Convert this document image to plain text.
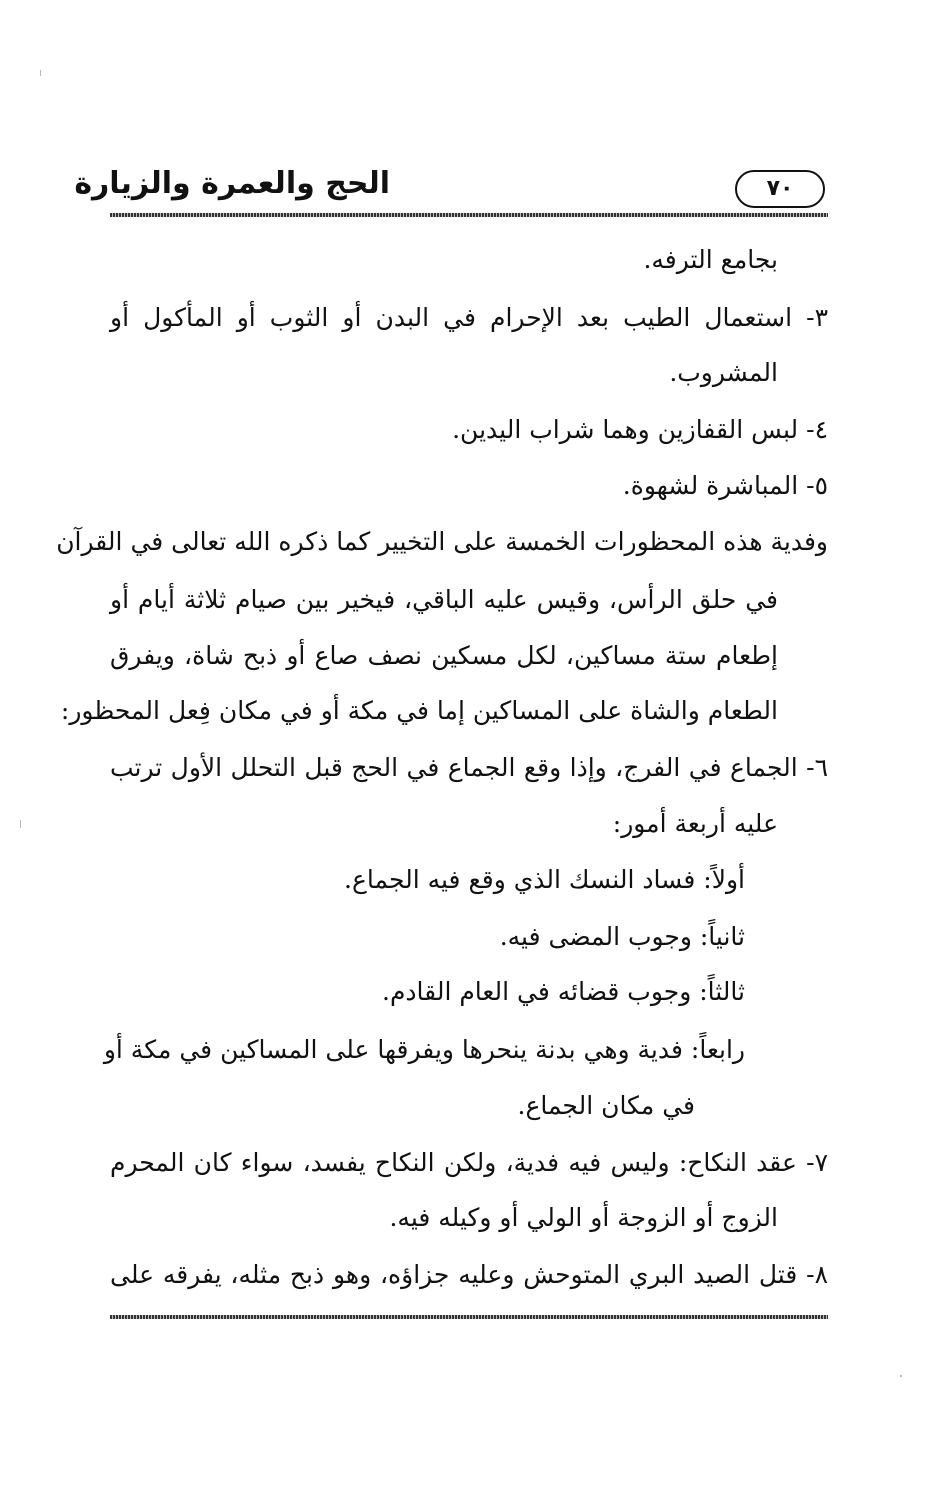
الحج والعمرة والزيارة	٧٠
بجامع الترفه.
٣- استعمال الطيب بعد الإحرام في البدن أو الثوب أو المأكول أو
المشروب.
٤- لبس القفازين وهما شراب اليدين.
٥- المباشرة لشهوة.
وفدية هذه المحظورات الخمسة على التخيير كما ذكره الله تعالى في القرآن
في حلق الرأس، وقيس عليه الباقي، فيخير بين صيام ثلاثة أيام أو
إطعام ستة مساكين، لكل مسكين نصف صاع أو ذبح شاة، ويفرق
الطعام والشاة على المساكين إما في مكة أو في مكان فِعل المحظور:
٦- الجماع في الفرج، وإذا وقع الجماع في الحج قبل التحلل الأول ترتب
عليه أربعة أمور:
أولاً: فساد النسك الذي وقع فيه الجماع.
ثانياً: وجوب المضى فيه.
ثالثاً: وجوب قضائه في العام القادم.
رابعاً: فدية وهي بدنة ينحرها ويفرقها على المساكين في مكة أو
في مكان الجماع.
٧- عقد النكاح: وليس فيه فدية، ولكن النكاح يفسد، سواء كان المحرم
الزوج أو الزوجة أو الولي أو وكيله فيه.
٨- قتل الصيد البري المتوحش وعليه جزاؤه، وهو ذبح مثله، يفرقه على
